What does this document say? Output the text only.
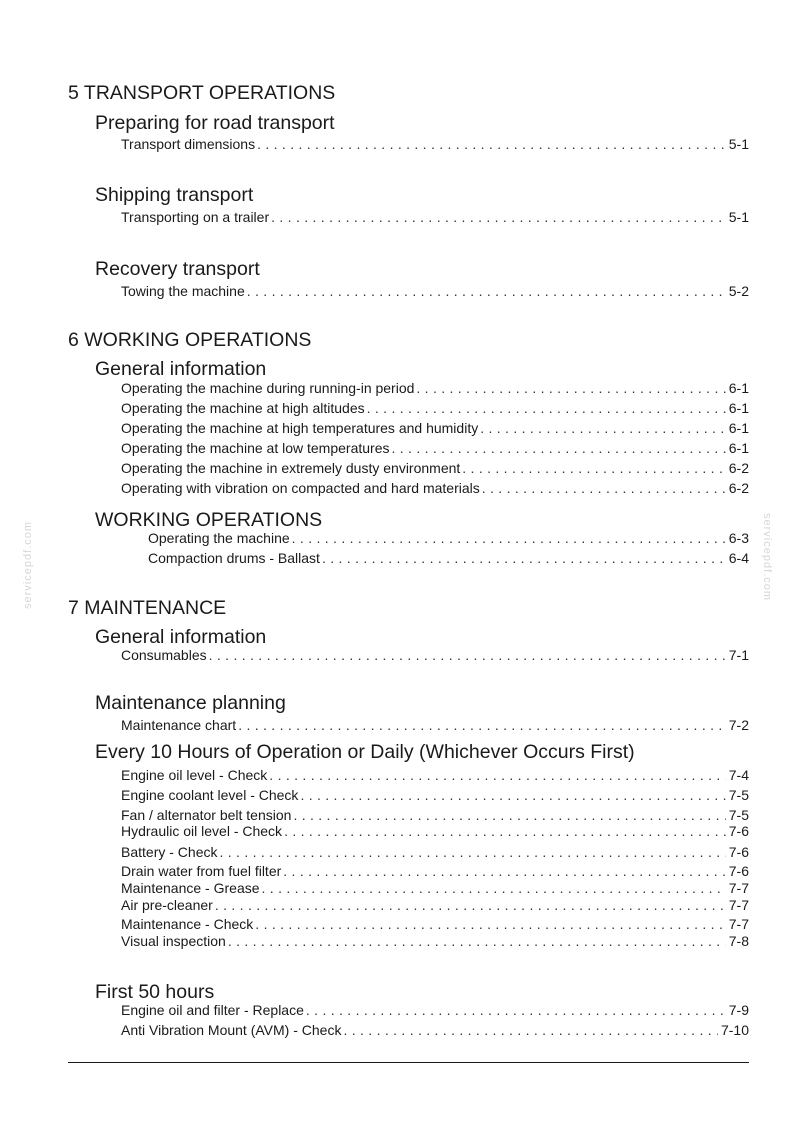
servicepdf.com	servicepdf.com
5 TRANSPORT OPERATIONS
Preparing for road transport
Transport dimensions . . .	5-1
Shipping transport
Transporting on a trailer . . .	5-1
Recovery transport
Towing the machine . . .	5-2
6 WORKING OPERATIONS
General information
Operating the machine during running-in period . . .	6-1
Operating the machine at high altitudes . . .	6-1
Operating the machine at high temperatures and humidity . . .	6-1
Operating the machine at low temperatures . . .	6-1
Operating the machine in extremely dusty environment . . .	6-2
Operating with vibration on compacted and hard materials . . .	6-2
WORKING OPERATIONS
Operating the machine . . .	6-3
Compaction drums - Ballast . . .	6-4
7 MAINTENANCE
General information
Consumables . . .	7-1
Maintenance planning
Maintenance chart . . .	7-2
Every 10 Hours of Operation or Daily (Whichever Occurs First)
Engine oil level - Check . . .	7-4
Engine coolant level - Check . . .	7-5
Fan / alternator belt tension . . .	7-5
Hydraulic oil level - Check . . .	7-6
Battery - Check . . .	7-6
Drain water from fuel filter . . .	7-6
Maintenance - Grease . . .	7-7
Air pre-cleaner . . .	7-7
Maintenance - Check . . .	7-7
Visual inspection . . .	7-8
First 50 hours
Engine oil and filter - Replace . . .	7-9
Anti Vibration Mount (AVM) - Check . . .	7-10
